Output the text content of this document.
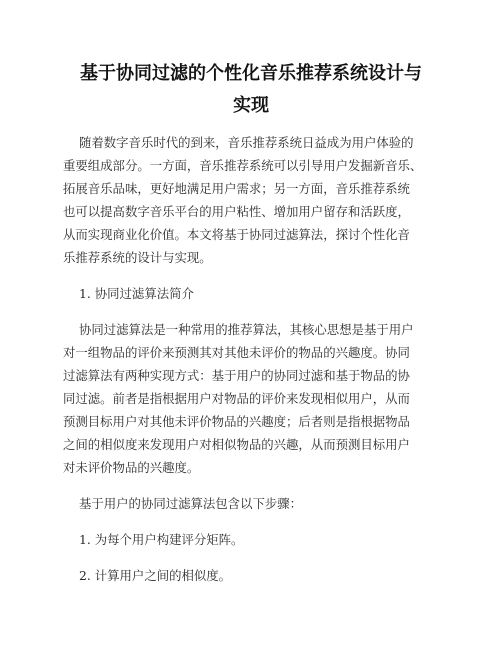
基于协同过滤的个性化音乐推荐系统设计与
实现
随着数字音乐时代的到来，音乐推荐系统日益成为用户体验的
重要组成部分。一方面，音乐推荐系统可以引导用户发掘新音乐、
拓展音乐品味，更好地满足用户需求；另一方面，音乐推荐系统
也可以提高数字音乐平台的用户粘性、增加用户留存和活跃度，
从而实现商业化价值。本文将基于协同过滤算法，探讨个性化音
乐推荐系统的设计与实现。
1. 协同过滤算法简介
协同过滤算法是一种常用的推荐算法，其核心思想是基于用户
对一组物品的评价来预测其对其他未评价的物品的兴趣度。协同
过滤算法有两种实现方式：基于用户的协同过滤和基于物品的协
同过滤。前者是指根据用户对物品的评价来发现相似用户，从而
预测目标用户对其他未评价物品的兴趣度；后者则是指根据物品
之间的相似度来发现用户对相似物品的兴趣，从而预测目标用户
对未评价物品的兴趣度。
基于用户的协同过滤算法包含以下步骤：
1. 为每个用户构建评分矩阵。
2. 计算用户之间的相似度。
